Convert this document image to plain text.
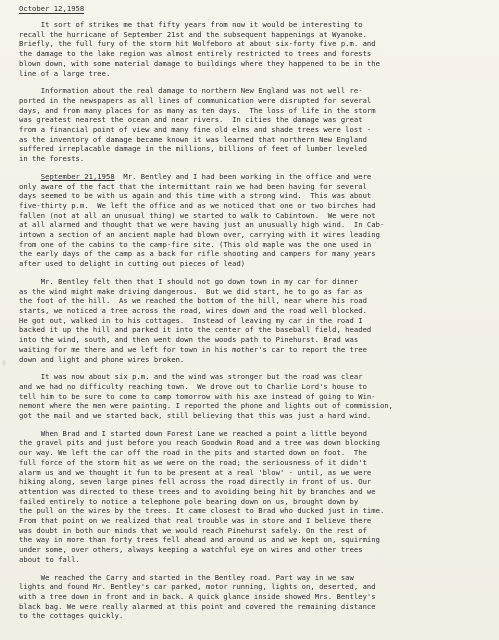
October 12,1958
It sort of strikes me that fifty years from now it would be interesting to
recall the hurricane of September 21st and the subsequent happenings at Wyanoke.
Briefly, the full fury of the storm hit Wolfeboro at about six-forty five p.m. and
the damage to the lake region was almost entirely restricted to trees and forests
blown down, with some material damage to buildings where they happened to be in the
line of a large tree.
Information about the real damage to northern New England was not well re-
ported in the newspapers as all lines of communication were disrupted for several
days, and from many places for as many as ten days.  The loss of life in the storm
was greatest nearest the ocean and near rivers.  In cities the damage was great
from a financial point of view and many fine old elms and shade trees were lost -
as the inventory of damage became known it was learned that northern New England
suffered irreplacable damage in the millions, billions of feet of lumber leveled
in the forests.
September 21,1958  Mr. Bentley and I had been working in the office and were
only aware of the fact that the intermittant rain we had been having for several
days seemed to be with us again and this time with a strong wind.  This was about
five-thirty p.m.  We left the office and as we noticed that one or two birches had
fallen (not at all an unusual thing) we started to walk to Cabintown.  We were not
at all alarmed and thought that we were having just an unusually high wind.  In Cab-
intown a section of an ancient maple had blown over, carrying with it wires leading
from one of the cabins to the camp-fire site. (This old maple was the one used in
the early days of the camp as a back for rifle shooting and campers for many years
after used to delight in cutting out pieces of lead)
Mr. Bentley felt then that I should not go down town in my car for dinner
as the wind might make driving dangerous.  But we did start, he to go as far as
the foot of the hill.  As we reached the bottom of the hill, near where his road
starts, we noticed a tree across the road, wires down and the road well blocked.
He got out, walked in to his cottages.  Instead of leaving my car in the road I
backed it up the hill and parked it into the center of the baseball field, headed
into the wind, south, and then went down the woods path to Pinehurst. Brad was
waiting for me there and we left for town in his mother's car to report the tree
down and light and phone wires broken.
It was now about six p.m. and the wind was stronger but the road was clear
and we had no difficulty reaching town.  We drove out to Charlie Lord's house to
tell him to be sure to come to camp tomorrow with his axe instead of going to Win-
nemont where the men were painting. I reported the phone and lights out of commission,
got the mail and we started back, still believing that this was just a hard wind.
When Brad and I started down Forest Lane we reached a point a little beyond
the gravel pits and just before you reach Goodwin Road and a tree was down blocking
our way. We left the car off the road in the pits and started down on foot.  The
full force of the storm hit as we were on the road; the seriousness of it didn't
alarm us and we thought it fun to be present at a real 'blow' - until, as we were
hiking along, seven large pines fell across the road directly in front of us. Our
attention was directed to these trees and to avoiding being hit by branches and we
failed entirely to notice a telephone pole bearing down on us, brought down by
the pull on the wires by the trees. It came closest to Brad who ducked just in time.
From that point on we realized that real trouble was in store and I believe there
was doubt in both our minds that we would reach Pinehurst safely. On the rest of
the way in more than forty trees fell ahead and around us and we kept on, squirming
under some, over others, always keeping a watchful eye on wires and other trees
about to fall.
We reached the Carry and started in the Bentley road. Part way in we saw
lights and found Mr. Bentley's car parked, motor running, lights on, deserted, and
with a tree down in front and in back. A quick glance inside showed Mrs. Bentley's
black bag. We were really alarmed at this point and covered the remaining distance
to the cottages quickly.
